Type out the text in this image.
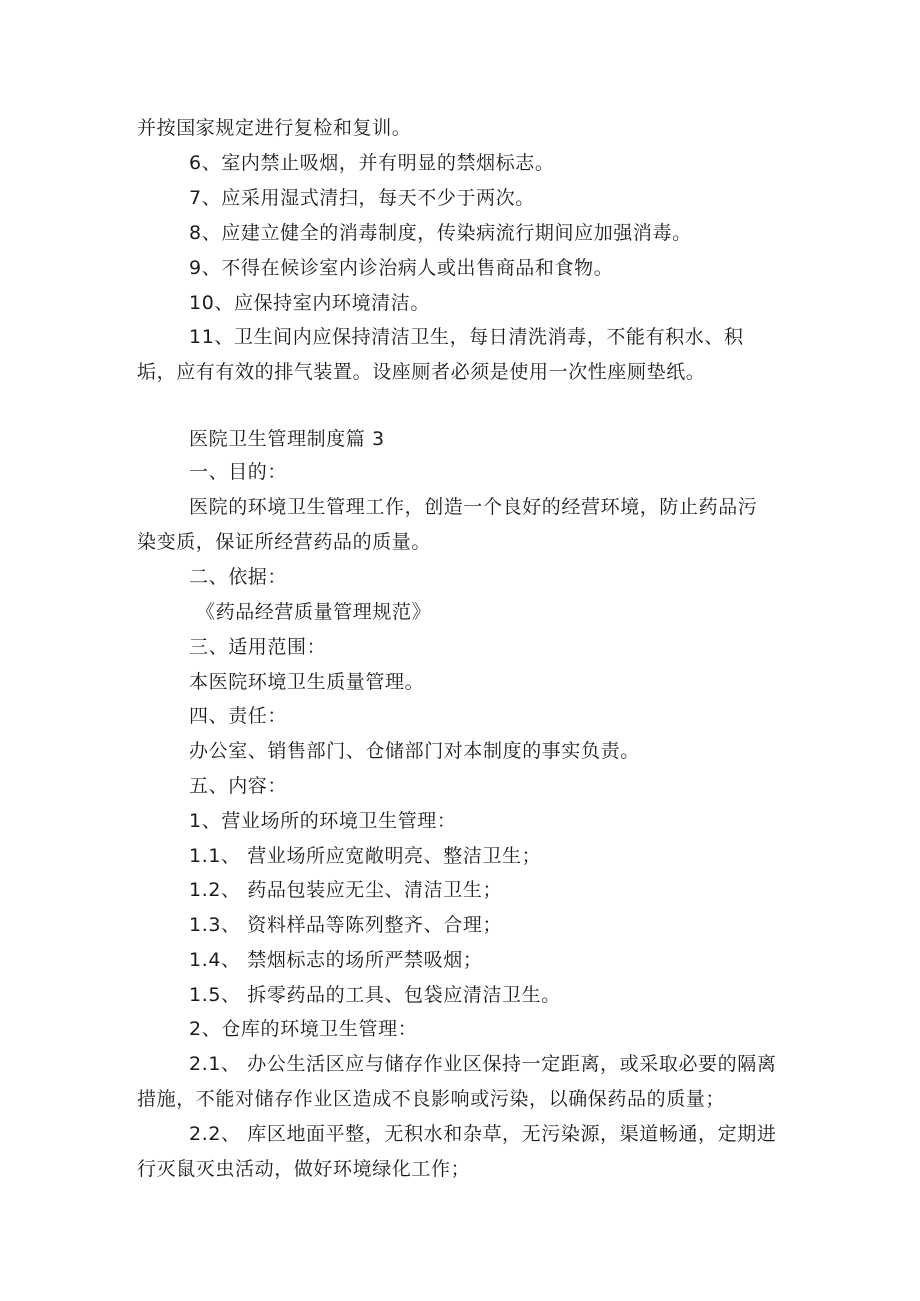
并按国家规定进行复检和复训。
6、室内禁止吸烟，并有明显的禁烟标志。
7、应采用湿式清扫，每天不少于两次。
8、应建立健全的消毒制度，传染病流行期间应加强消毒。
9、不得在候诊室内诊治病人或出售商品和食物。
10、应保持室内环境清洁。
11、卫生间内应保持清洁卫生，每日清洗消毒，不能有积水、积
垢，应有有效的排气装置。设座厕者必须是使用一次性座厕垫纸。
医院卫生管理制度篇 3
一、目的：
医院的环境卫生管理工作，创造一个良好的经营环境，防止药品污
染变质，保证所经营药品的质量。
二、依据：
《药品经营质量管理规范》
三、适用范围：
本医院环境卫生质量管理。
四、责任：
办公室、销售部门、仓储部门对本制度的事实负责。
五、内容：
1、营业场所的环境卫生管理：
1.1、 营业场所应宽敞明亮、整洁卫生；
1.2、 药品包装应无尘、清洁卫生；
1.3、 资料样品等陈列整齐、合理；
1.4、 禁烟标志的场所严禁吸烟；
1.5、 拆零药品的工具、包袋应清洁卫生。
2、仓库的环境卫生管理：
2.1、 办公生活区应与储存作业区保持一定距离，或采取必要的隔离
措施，不能对储存作业区造成不良影响或污染，以确保药品的质量；
2.2、 库区地面平整，无积水和杂草，无污染源，渠道畅通，定期进
行灭鼠灭虫活动，做好环境绿化工作；
